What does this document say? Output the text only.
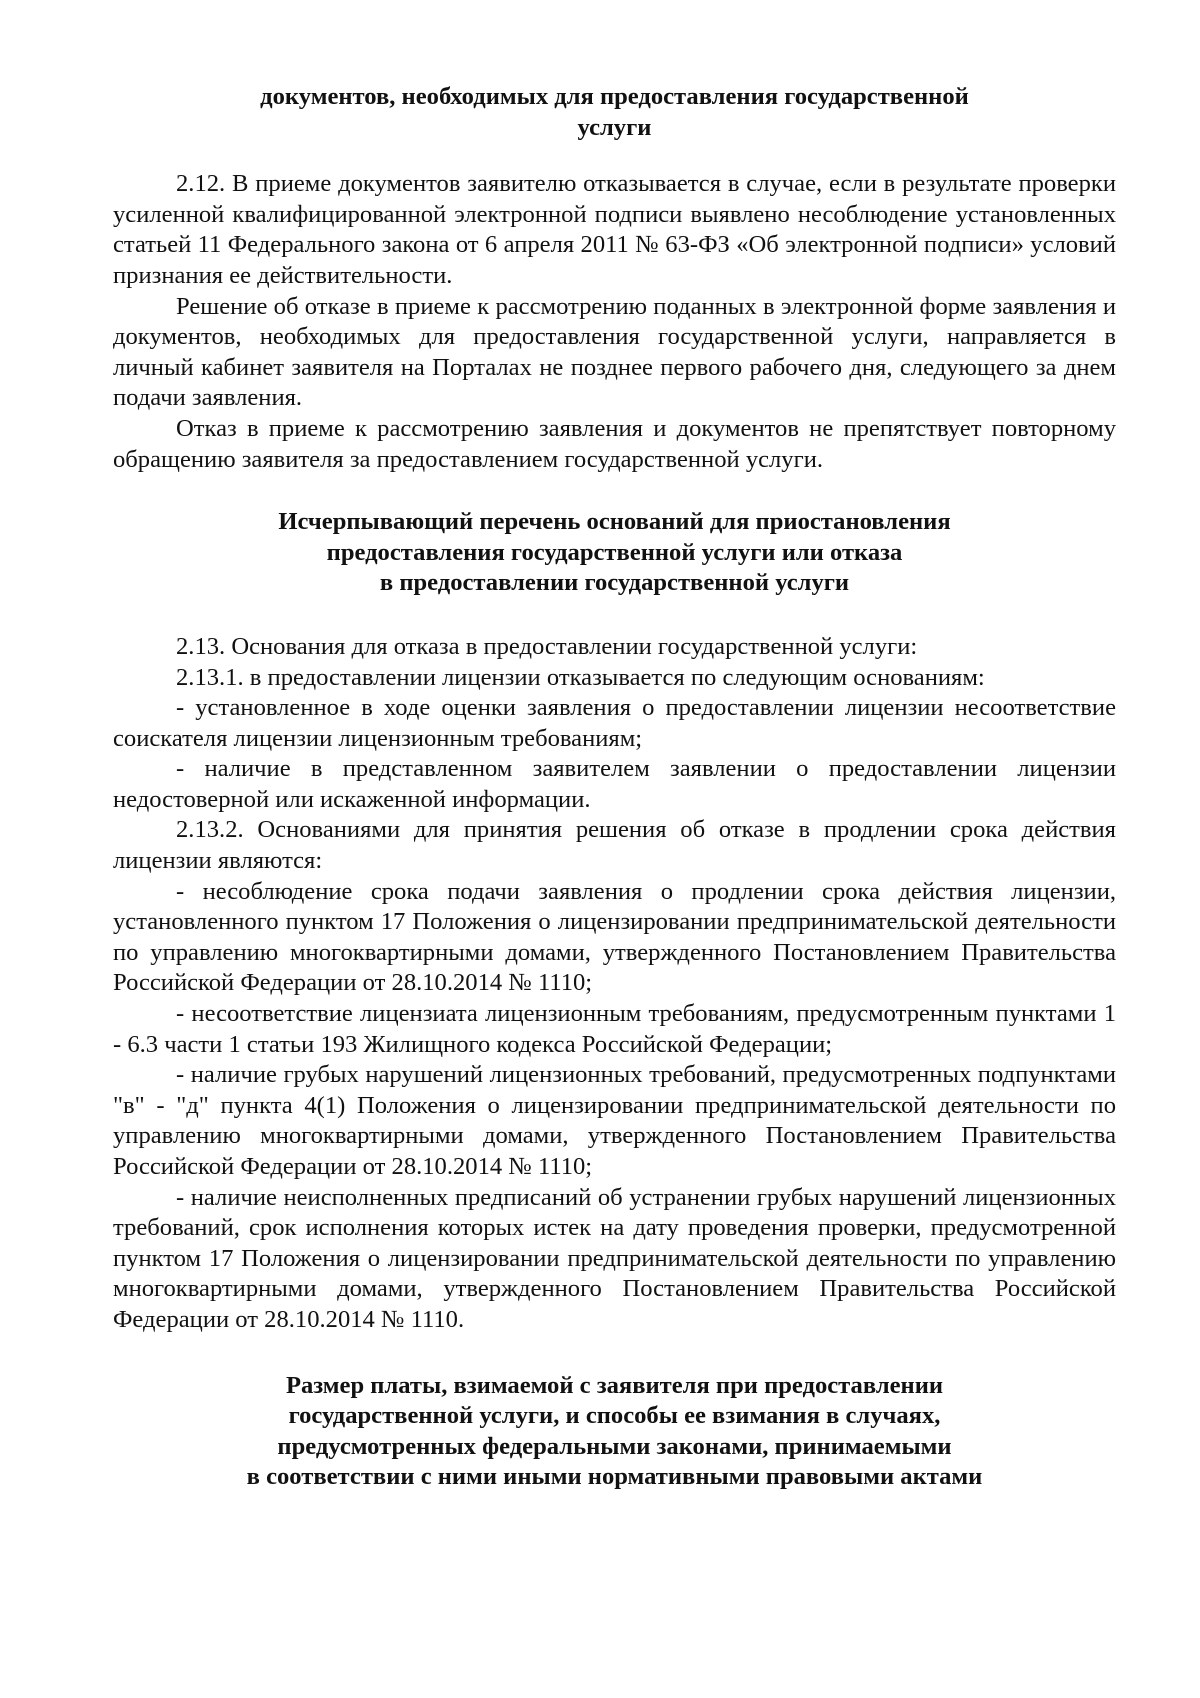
документов, необходимых для предоставления государственной
услуги

2.12. В приеме документов заявителю отказывается в случае, если в результате проверки усиленной квалифицированной электронной подписи выявлено несоблюдение установленных статьей 11 Федерального закона от 6 апреля 2011 № 63-ФЗ «Об электронной подписи» условий признания ее действительности.

Решение об отказе в приеме к рассмотрению поданных в электронной форме заявления и документов, необходимых для предоставления государственной услуги, направляется в личный кабинет заявителя на Порталах не позднее первого рабочего дня, следующего за днем подачи заявления.

Отказ в приеме к рассмотрению заявления и документов не препятствует повторному обращению заявителя за предоставлением государственной услуги.

Исчерпывающий перечень оснований для приостановления
предоставления государственной услуги или отказа
в предоставлении государственной услуги

2.13. Основания для отказа в предоставлении государственной услуги:

2.13.1. в предоставлении лицензии отказывается по следующим основаниям:

- установленное в ходе оценки заявления о предоставлении лицензии несоответствие соискателя лицензии лицензионным требованиям;

- наличие в представленном заявителем заявлении о предоставлении лицензии недостоверной или искаженной информации.

2.13.2. Основаниями для принятия решения об отказе в продлении срока действия лицензии являются:

- несоблюдение срока подачи заявления о продлении срока действия лицензии, установленного пунктом 17 Положения о лицензировании предпринимательской деятельности по управлению многоквартирными домами, утвержденного Постановлением Правительства Российской Федерации от 28.10.2014 № 1110;

- несоответствие лицензиата лицензионным требованиям, предусмотренным пунктами 1 - 6.3 части 1 статьи 193 Жилищного кодекса Российской Федерации;

- наличие грубых нарушений лицензионных требований, предусмотренных подпунктами "в" - "д" пункта 4(1) Положения о лицензировании предпринимательской деятельности по управлению многоквартирными домами, утвержденного Постановлением Правительства Российской Федерации от 28.10.2014 № 1110;

- наличие неисполненных предписаний об устранении грубых нарушений лицензионных требований, срок исполнения которых истек на дату проведения проверки, предусмотренной пунктом 17 Положения о лицензировании предпринимательской деятельности по управлению многоквартирными домами, утвержденного Постановлением Правительства Российской Федерации от 28.10.2014 № 1110.

Размер платы, взимаемой с заявителя при предоставлении
государственной услуги, и способы ее взимания в случаях,
предусмотренных федеральными законами, принимаемыми
в соответствии с ними иными нормативными правовыми актами
